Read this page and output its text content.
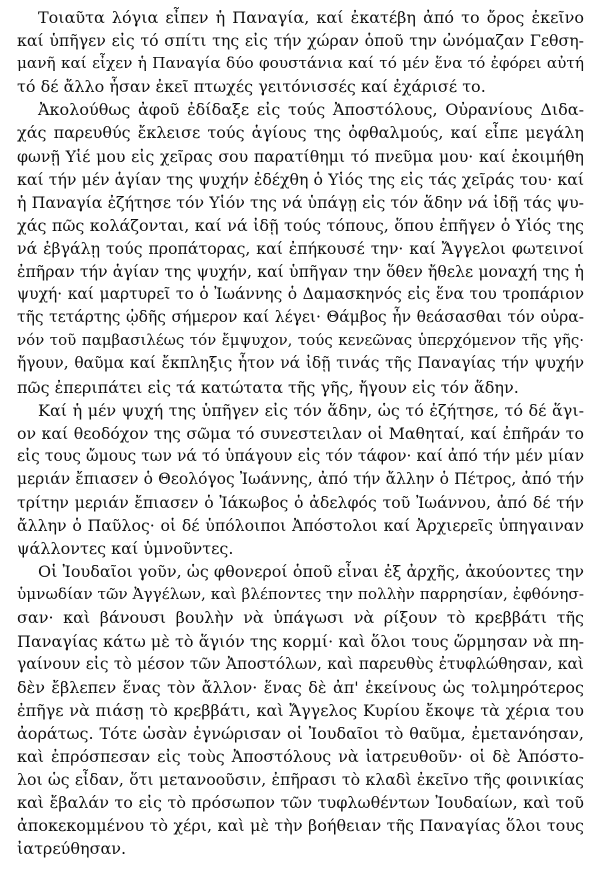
Τοιαῦτα λόγια εἶπεν ἡ Παναγία, καί ἐκατέβη ἀπό το ὄρος ἐκεῖνο
καί ὑπῆγεν εἰς τό σπίτι της εἰς τήν χώραν ὁποῦ την ὠνόμαζαν Γεθση-
μανῆ καί εἶχεν ἡ Παναγία δύο φουστάνια καί τό μέν ἕνα τό ἐφόρει αὐτή
τό δέ ἄλλο ἦσαν ἐκεῖ πτωχές γειτόνισσές καί ἐχάρισέ το.
Ἀκολούθως ἀφοῦ ἐδίδαξε εἰς τούς Ἀποστόλους, Οὐρανίους Διδα-
χάς παρευθύς ἔκλεισε τούς ἁγίους της ὀφθαλμούς, καί εἶπε μεγάλη
φωνῇ Υἱέ μου εἰς χεῖρας σου παρατίθημι τό πνεῦμα μου· καί ἐκοιμήθη
καί τήν μέν ἁγίαν της ψυχήν ἐδέχθη ὁ Υἱός της εἰς τάς χεῖράς του· καί
ἡ Παναγία ἐζήτησε τόν Υἱόν της νά ὑπάγῃ εἰς τόν ἅδην νά ἰδῇ τάς ψυ-
χάς πῶς κολάζονται, καί νά ἰδῇ τούς τόπους, ὅπου ἐπῆγεν ὁ Υἱός της
νά ἐβγάλῃ τούς προπάτορας, καί ἐπήκουσέ την· καί Ἄγγελοι φωτεινοί
ἐπῆραν τήν ἁγίαν της ψυχήν, καί ὑπῆγαν την ὅθεν ἤθελε μοναχή της ἡ
ψυχή· καί μαρτυρεῖ το ὁ Ἰωάννης ὁ Δαμασκηνός εἰς ἕνα του τροπάριον
τῆς τετάρτης ᾠδῆς σήμερον καί λέγει· Θάμβος ἦν θεάσασθαι τόν οὐρα-
νόν τοῦ παμβασιλέως τόν ἔμψυχον, τούς κενεῶνας ὑπερχόμενον τῆς γῆς·
ἤγουν, θαῦμα καί ἔκπληξις ἦτον νά ἰδῇ τινάς τῆς Παναγίας τήν ψυχήν
πῶς ἐπεριπάτει εἰς τά κατώτατα τῆς γῆς, ἤγουν εἰς τόν ἅδην.
Καί ἡ μέν ψυχή της ὑπῆγεν εἰς τόν ἅδην, ὡς τό ἐζήτησε, τό δέ ἅγι-
ον καί θεοδόχον της σῶμα τό συνεστειλαν οἱ Μαθηταί, καί ἐπῆράν το
εἰς τους ὤμους των νά τό ὑπάγουν εἰς τόν τάφον· καί ἀπό τήν μέν μίαν
μεριάν ἔπιασεν ὁ Θεολόγος Ἰωάννης, ἀπό τήν ἄλλην ὁ Πέτρος, ἀπό τήν
τρίτην μεριάν ἔπιασεν ὁ Ἰάκωβος ὁ ἀδελφός τοῦ Ἰωάννου, ἀπό δέ τήν
ἄλλην ὁ Παῦλος· οἱ δέ ὑπόλοιποι Ἀπόστολοι καί Ἀρχιερεῖς ὑπηγαιναν
ψάλλοντες καί ὑμνοῦντες.
Οἱ Ἰουδαῖοι γοῦν, ὡς φθονεροί ὁποῦ εἶναι ἐξ ἀρχῆς, ἀκούοντες την
ὑμνωδίαν τῶν Ἀγγέλων, καὶ βλέποντες την πολλὴν παρρησίαν, ἐφθόνησ-
σαν· καὶ βάνουσι βουλὴν νὰ ὑπάγωσι νὰ ρίξουν τὸ κρεββάτι τῆς
Παναγίας κάτω μὲ τὸ ἅγιόν της κορμί· καὶ ὅλοι τους ὥρμησαν νὰ πη-
γαίνουν εἰς τὸ μέσον τῶν Ἀποστόλων, καὶ παρευθὺς ἐτυφλώθησαν, καὶ
δὲν ἔβλεπεν ἕνας τὸν ἄλλον· ἕνας δὲ ἀπ' ἐκείνους ὡς τολμηρότερος
ἐπῆγε νὰ πιάσῃ τὸ κρεββάτι, καὶ Ἄγγελος Κυρίου ἔκοψε τὰ χέρια του
ἀοράτως. Τότε ὡσὰν ἐγνώρισαν οἱ Ἰουδαῖοι τὸ θαῦμα, ἐμετανόησαν,
καὶ ἐπρόσπεσαν εἰς τοὺς Ἀποστόλους νὰ ἰατρευθοῦν· οἱ δὲ Ἀπόστο-
λοι ὡς εἶδαν, ὅτι μετανοοῦσιν, ἐπῆρασι τὸ κλαδὶ ἐκεῖνο τῆς φοινικίας
καὶ ἔβαλάν το εἰς τὸ πρόσωπον τῶν τυφλωθέντων Ἰουδαίων, καὶ τοῦ
ἀποκεκομμένου τὸ χέρι, καὶ μὲ τὴν βοήθειαν τῆς Παναγίας ὅλοι τους
ἰατρεύθησαν.
